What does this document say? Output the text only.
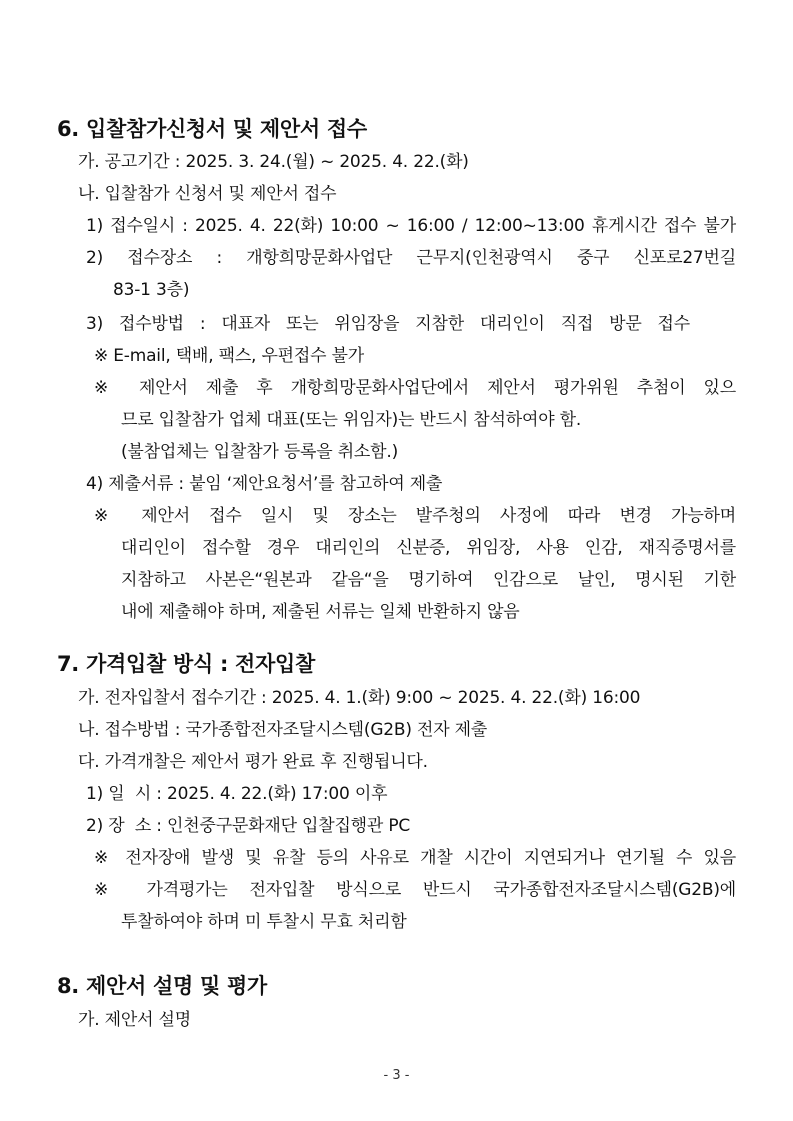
6. 입찰참가신청서 및 제안서 접수
가. 공고기간 : 2025. 3. 24.(월) ~ 2025. 4. 22.(화)
나. 입찰참가 신청서 및 제안서 접수
1) 접수일시 : 2025. 4. 22(화) 10:00 ~ 16:00 / 12:00~13:00 휴게시간 접수 불가
2) 접수장소 : 개항희망문화사업단 근무지(인천광역시 중구 신포로27번길
83-1 3층)
3) 접수방법 : 대표자 또는 위임장을 지참한 대리인이 직접 방문 접수
※ E-mail, 택배, 팩스, 우편접수 불가
※ 제안서 제출 후 개항희망문화사업단에서 제안서 평가위원 추첨이 있으
므로 입찰참가 업체 대표(또는 위임자)는 반드시 참석하여야 함.
(불참업체는 입찰참가 등록을 취소함.)
4) 제출서류 : 붙임 ‘제안요청서’를 참고하여 제출
※ 제안서 접수 일시 및 장소는 발주청의 사정에 따라 변경 가능하며
대리인이 접수할 경우 대리인의 신분증, 위임장, 사용 인감, 재직증명서를
지참하고 사본은“원본과 같음“을 명기하여 인감으로 날인, 명시된 기한
내에 제출해야 하며, 제출된 서류는 일체 반환하지 않음
7. 가격입찰 방식 : 전자입찰
가. 전자입찰서 접수기간 : 2025. 4. 1.(화) 9:00 ~ 2025. 4. 22.(화) 16:00
나. 접수방법 : 국가종합전자조달시스템(G2B) 전자 제출
다. 가격개찰은 제안서 평가 완료 후 진행됩니다.
1) 일  시 : 2025. 4. 22.(화) 17:00 이후
2) 장  소 : 인천중구문화재단 입찰집행관 PC
※ 전자장애 발생 및 유찰 등의 사유로 개찰 시간이 지연되거나 연기될 수 있음
※ 가격평가는 전자입찰 방식으로 반드시 국가종합전자조달시스템(G2B)에
투찰하여야 하며 미 투찰시 무효 처리함
8. 제안서 설명 및 평가
가. 제안서 설명
- 3 -
